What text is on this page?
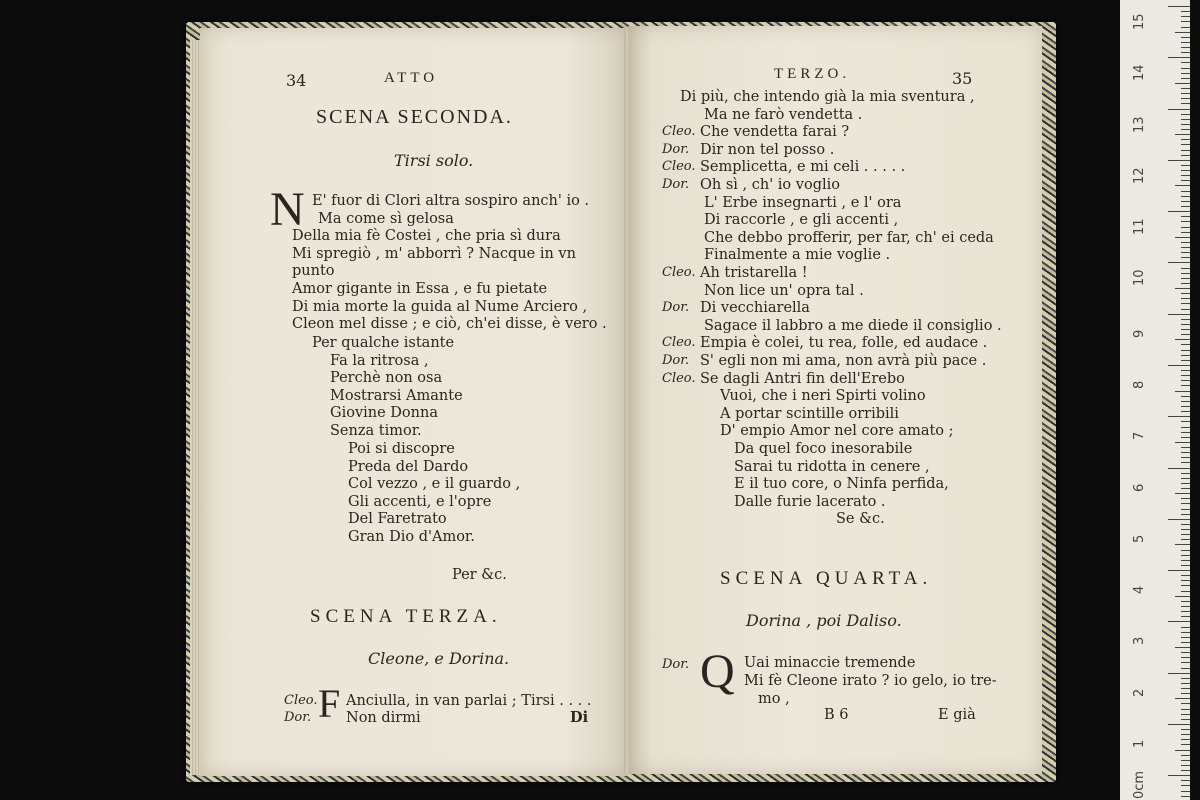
34	ATTO
SCENA SECONDA.
Tirsi solo.
N E' fuor di Clori altra sospiro anch' io .
Ma come sì gelosa
Della mia fè Costei , che pria sì dura
Mi spregiò , m' abborrì ? Nacque in vn
punto
Amor gigante in Essa , e fu pietate
Di mia morte la guida al Nume Arciero ,
Cleon mel disse ; e ciò, ch'ei disse, è vero .
Per qualche istante
Fa la ritrosa ,
Perchè non osa
Mostrarsi Amante
Giovine Donna
Senza timor.
Poi si discopre
Preda del Dardo
Col vezzo , e il guardo ,
Gli accenti, e l'opre
Del Faretrato
Gran Dio d'Amor.
Per &c.
SCENA TERZA.
Cleone, e Dorina.
Cleo.
Dor. F Anciulla, in van parlai ; Tirsi . . . .
Non dirmi	Di
TERZO.	35
Di più, che intendo già la mia sventura ,
Ma ne farò vendetta .
Cleo. Che vendetta farai ?
Dor. Dir non tel posso .
Cleo. Semplicetta, e mi celi . . . . .
Dor. Oh sì , ch' io voglio
L' Erbe insegnarti , e l' ora
Di raccorle , e gli accenti ,
Che debbo profferir, per far, ch' ei ceda
Finalmente a mie voglie .
Cleo. Ah tristarella !
Non lice un' opra tal .
Dor. Di vecchiarella
Sagace il labbro a me diede il consiglio .
Cleo. Empia è colei, tu rea, folle, ed audace .
Dor. S' egli non mi ama, non avrà più pace .
Cleo. Se dagli Antri fin dell'Erebo
Vuoi, che i neri Spirti volino
A portar scintille orribili
D' empio Amor nel core amato ;
Da quel foco inesorabile
Sarai tu ridotta in cenere ,
E il tuo core, o Ninfa perfida,
Dalle furie lacerato .
Se &c.
SCENA QUARTA.
Dorina , poi Daliso.
Dor. Q Uai minaccie tremende
Mi fè Cleone irato ? io gelo, io tre-
mo ,
B 6	E già
15
14
13
12
11
10
9
8
7
6
5
4
3
2
1
0cm
